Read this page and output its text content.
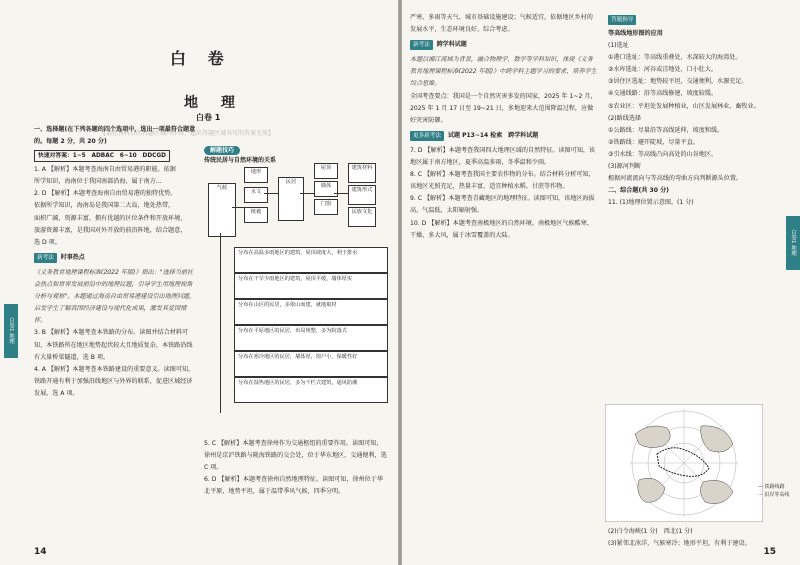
白 卷
【请在各科目的答题区域内作答，超出答题区域书写的答案无效】
地 理
白卷 1

一、选择题(在下列各题的四个选项中，选出一项最符合题意的。每题 2 分，共 20 分)

快速对答案：1~5　ADBAC　6~10　DDCGD

1. A 【解析】本题考查海南自由贸易港的职能。依据

所学知识，海南位于我国南部沿海，属于南方...

2. D 【解析】本题考查海南自由贸易港的独特优势。

依据所学知识，海南岛是我国第二大岛，地处热带，

面积广阔，资源丰富，拥有优越的区位条件和开放环境，

旅游资源丰富，是我国对外开放的前沿阵地，结合题意，

选 D 项。

新考法	时事热点

《义务教育地理课程标准(2022 年版)》指出："选择当前社会热点和世界发展前沿中的地理议题，引导学生用地理视角分析与观察"。本题通过海南自由贸易港建设引出地理问题，启发学生了解我国经济建设与现代化成果，激发其爱国情怀。

3. B 【解析】本题考查本铁路的分布。读图并结合材料可知，本铁路所在地区地势起伏较大且地质复杂，本铁路沿线有大量桥梁隧道，选 B 项。

4. A 【解析】本题考查本铁路建设的重要意义。读图可知，铁路开通有利于加强沿线地区与外界的联系，促进区域经济发展，选 A 项。

解题技巧
传统民居与自然环境的关系
气候
地形
水文
植被
民居
屋顶
墙体
门窗
建筑材料
建筑形式
民族文化
分布在高温多雨地区的建筑，屋顶坡度大，利于排水
分布在干旱少雨地区的建筑，屋顶平缓，墙体厚实
分布在山区的民居，多依山而建，就地取材
分布在平原地区的民居，布局规整，多为院落式
分布在寒冷地区的民居，墙体厚，窗户小，保暖性好
分布在湿热地区的民居，多为干栏式建筑，通风防潮

5. C 【解析】本题考查徐州作为交通枢纽的重要作用。读图可知，徐州是京沪铁路与陇海铁路的交会处，位于华东地区，交通便利，选 C 项。

6. D 【解析】本题考查徐州自然地理特征。读图可知，徐州位于华北平原，地势平坦，属于温带季风气候，四季分明。

白卷1 地理
14

严寒、多雨等天气、城市基础设施建设；气候适宜，依据地区乡村的发展水平，生态环境良好，综合考虑。

新考法	跨学科试题

本题以湘江流域为背景，融合物理学、数学等学科知识，体现《义务教育地理课程标准(2022 年版)》中跨学科主题学习的要求，培养学生综合思维。

全国考查要点：我国是一个自然灾害多发的国家，2025 年 1~2 月，2025 年 1 月 17 日至 19~21 日，多地迎来大范围降温过程，应做好灾害防御。

更多新考法	试题 P13~14 检索　跨学科试题

7. D 【解析】本题考查我国四大地理区域的自然特征。读图可知，该地区属于南方地区，夏季高温多雨，冬季温和少雨。

8. C 【解析】本题考查我国主要农作物的分布。结合材料分析可知，该地区光照充足，热量丰富，适宜种植水稻、甘蔗等作物。

9. C 【解析】本题考查青藏地区的地理特征。读图可知，该地区海拔高，气温低，太阳辐射强。

10. D 【解析】本题考查南极地区的自然环境。南极地区气候酷寒、干燥、多大风，属于冰雪覆盖的大陆。

答题指导

等高线地形图的应用

(1)选址

①港口选址：等高线重叠处，水深较大的海湾处。

②水库选址：河谷或洼地处，口小肚大。

③居住区选址：地势较平坦，交通便利，水源充足。

④交通线路：沿等高线修建，坡度较缓。

⑤农业区：平坦处发展种植业，山区发展林业、畜牧业。

(2)路线选择

①公路线：尽量沿等高线延伸，坡度和缓。

②铁路线：避开陡坡，尽量平直。

③引水线：等高线凸向高处的山谷地区。

(3)源河判断

根据河流流向与等高线的弯曲方向判断源头位置。

二、综合题(共 30 分)

11. (1)地理位置示意图。(1 分)

— 铁路线路
··· 沿岸等高线

(2)白令海峡(1 分)　西北(1 分)

(3)紧邻北冰洋，气候寒冷；地形平坦，有利于建设。

白卷1 地理
15
